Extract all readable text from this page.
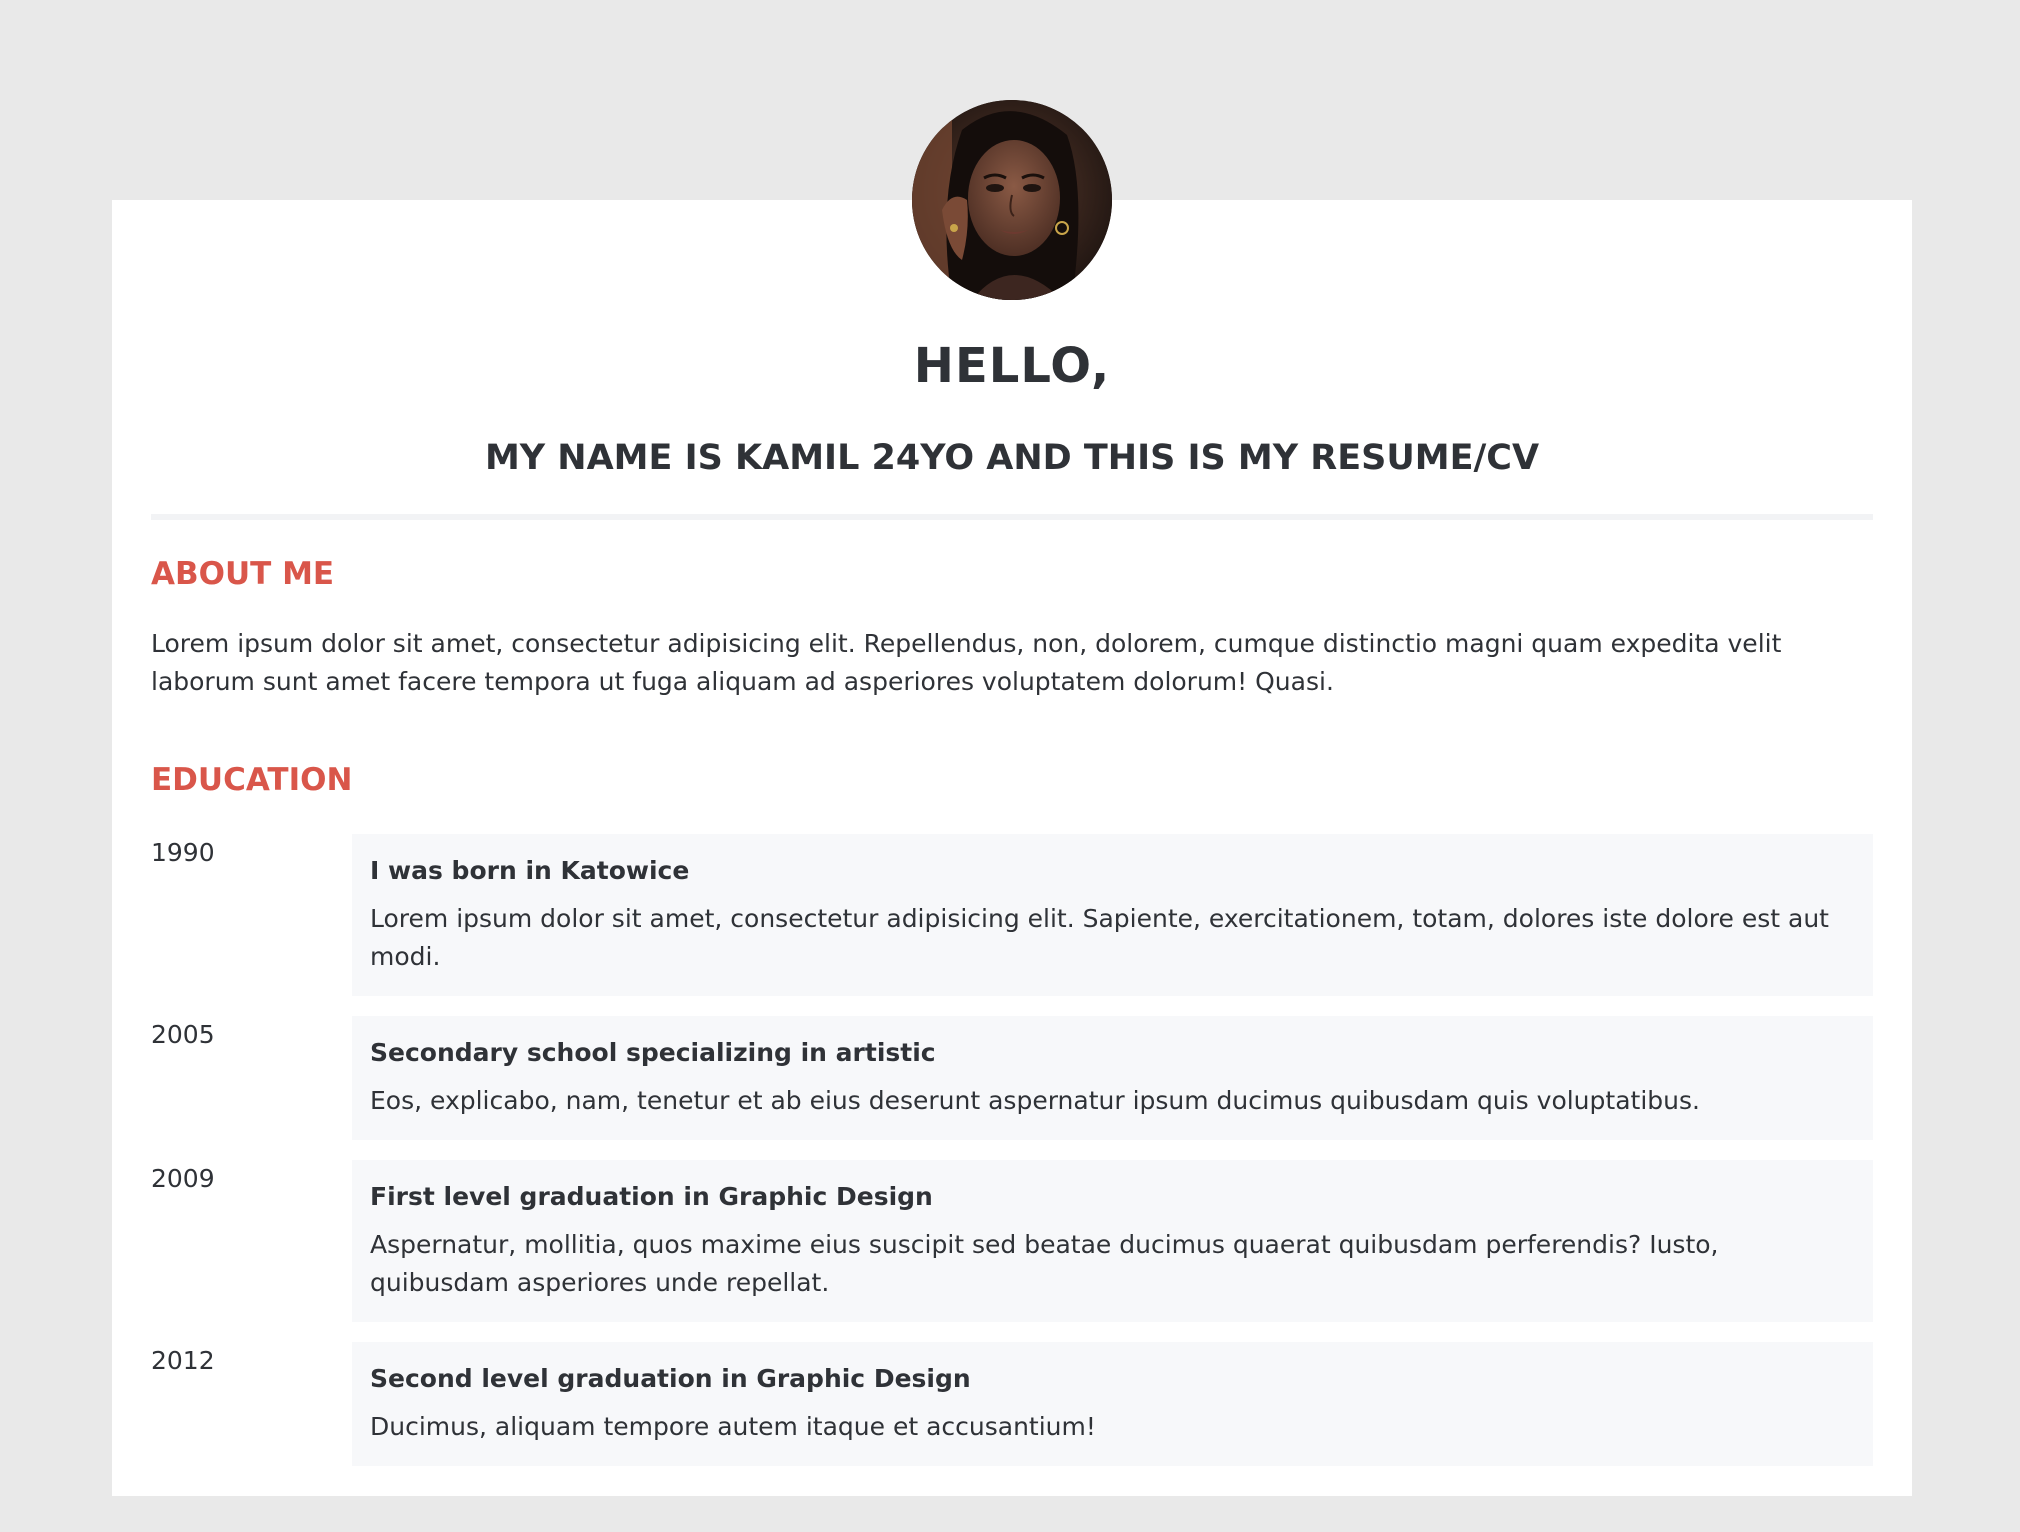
HELLO,
MY NAME IS KAMIL 24YO AND THIS IS MY RESUME/CV
ABOUT ME
Lorem ipsum dolor sit amet, consectetur adipisicing elit. Repellendus, non, dolorem, cumque distinctio magni quam expedita velit laborum sunt amet facere tempora ut fuga aliquam ad asperiores voluptatem dolorum! Quasi.
EDUCATION
1990
I was born in Katowice
Lorem ipsum dolor sit amet, consectetur adipisicing elit. Sapiente, exercitationem, totam, dolores iste dolore est aut modi.
2005
Secondary school specializing in artistic
Eos, explicabo, nam, tenetur et ab eius deserunt aspernatur ipsum ducimus quibusdam quis voluptatibus.
2009
First level graduation in Graphic Design
Aspernatur, mollitia, quos maxime eius suscipit sed beatae ducimus quaerat quibusdam perferendis? Iusto, quibusdam asperiores unde repellat.
2012
Second level graduation in Graphic Design
Ducimus, aliquam tempore autem itaque et accusantium!
